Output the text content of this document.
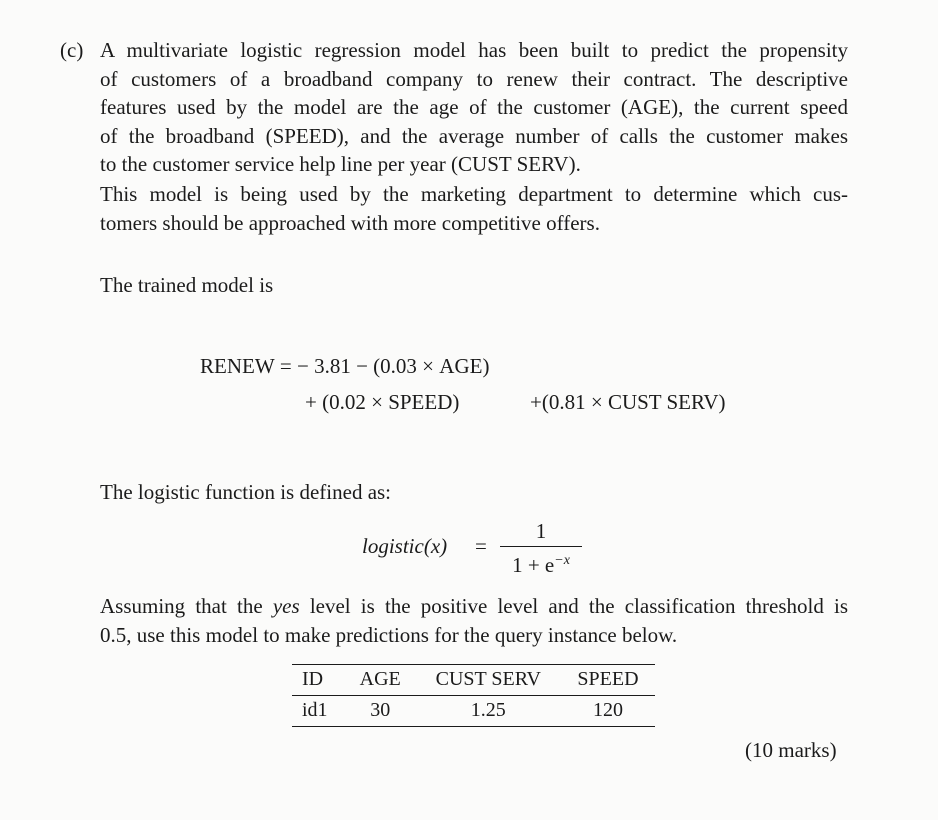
(c) A multivariate logistic regression model has been built to predict the propensity
of customers of a broadband company to renew their contract. The descriptive
features used by the model are the age of the customer (AGE), the current speed
of the broadband (SPEED), and the average number of calls the customer makes
to the customer service help line per year (CUST SERV).
This model is being used by the marketing department to determine which cus-
tomers should be approached with more competitive offers.
The trained model is
RENEW = − 3.81 − (0.03 × AGE)
+ (0.02 × SPEED)	+(0.81 × CUST SERV)
The logistic function is defined as:
logistic(x) =
1
$1 + e^{-x}$
Assuming that the yes level is the positive level and the classification threshold is
0.5, use this model to make predictions for the query instance below.
ID	AGE	CUST SERV	SPEED
id1	30	1.25	120
(10 marks)
